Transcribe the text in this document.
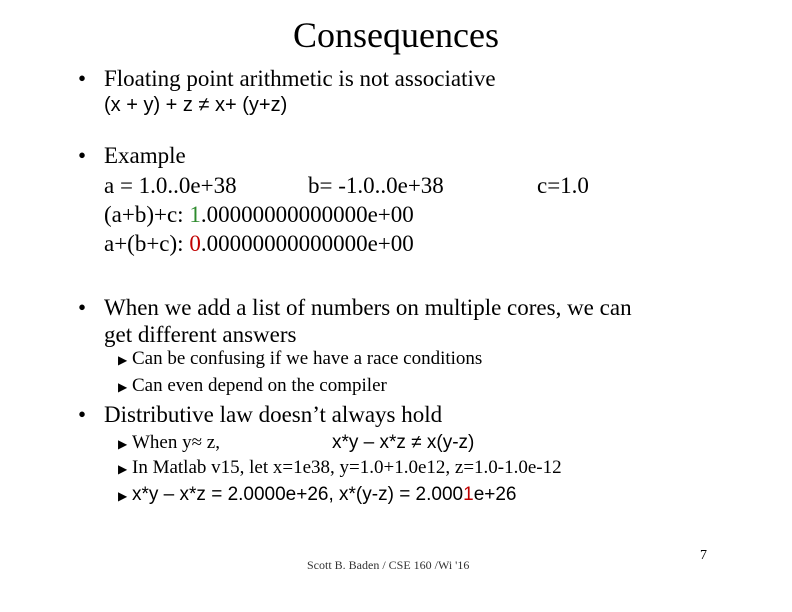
Consequences
• Floating point arithmetic is not associative
(x + y) + z ≠ x+ (y+z)
• Example
a = 1.0..0e+38	b= -1.0..0e+38	c=1.0
(a+b)+c: 1.00000000000000e+00
a+(b+c): 0.00000000000000e+00
• When we add a list of numbers on multiple cores, we can
get different answers
▶ Can be confusing if we have a race conditions
▶ Can even depend on the compiler
• Distributive law doesn’t always hold
▶ When y≈ z,	x*y – x*z ≠ x(y-z)
▶ In Matlab v15, let x=1e38, y=1.0+1.0e12, z=1.0-1.0e-12
▶ x*y – x*z = 2.0000e+26, x*(y-z) = 2.0001e+26
Scott B. Baden / CSE 160 /Wi '16
7
